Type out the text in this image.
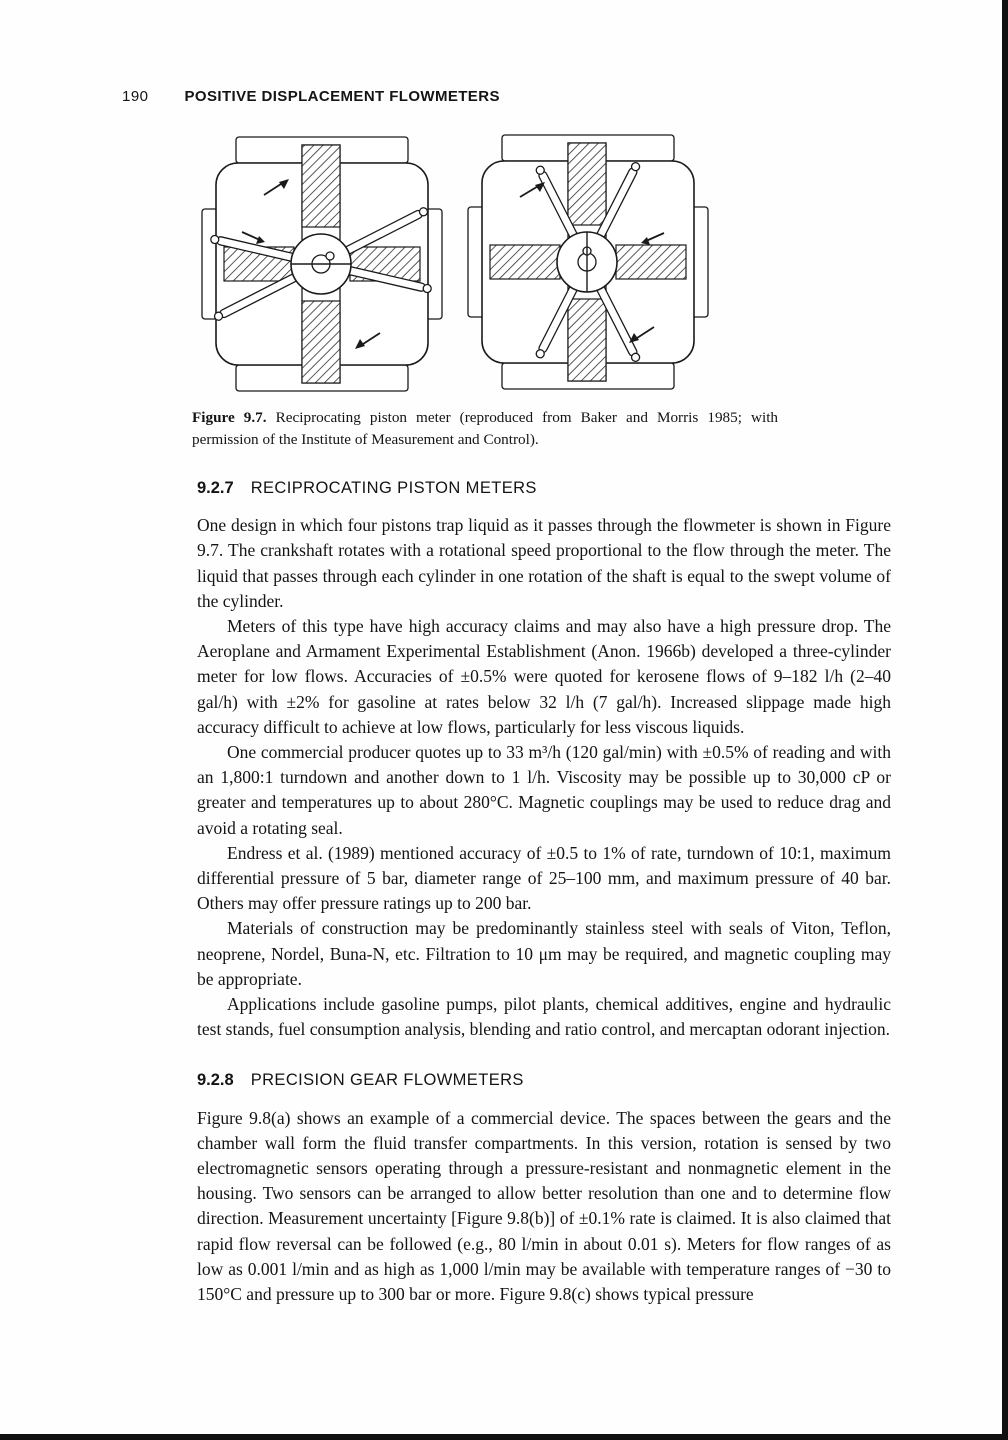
190 POSITIVE DISPLACEMENT FLOWMETERS
Figure 9.7. Reciprocating piston meter (reproduced from Baker and Morris 1985; with permission of the Institute of Measurement and Control).
9.2.7 RECIPROCATING PISTON METERS

One design in which four pistons trap liquid as it passes through the flowmeter is shown in Figure 9.7. The crankshaft rotates with a rotational speed proportional to the flow through the meter. The liquid that passes through each cylinder in one rotation of the shaft is equal to the swept volume of the cylinder.

Meters of this type have high accuracy claims and may also have a high pressure drop. The Aeroplane and Armament Experimental Establishment (Anon. 1966b) developed a three-cylinder meter for low flows. Accuracies of ±0.5% were quoted for kerosene flows of 9–182 l/h (2–40 gal/h) with ±2% for gasoline at rates below 32 l/h (7 gal/h). Increased slippage made high accuracy difficult to achieve at low flows, particularly for less viscous liquids.

One commercial producer quotes up to 33 m³/h (120 gal/min) with ±0.5% of reading and with an 1,800:1 turndown and another down to 1 l/h. Viscosity may be possible up to 30,000 cP or greater and temperatures up to about 280°C. Magnetic couplings may be used to reduce drag and avoid a rotating seal.

Endress et al. (1989) mentioned accuracy of ±0.5 to 1% of rate, turndown of 10:1, maximum differential pressure of 5 bar, diameter range of 25–100 mm, and maximum pressure of 40 bar. Others may offer pressure ratings up to 200 bar.

Materials of construction may be predominantly stainless steel with seals of Viton, Teflon, neoprene, Nordel, Buna-N, etc. Filtration to 10 μm may be required, and magnetic coupling may be appropriate.

Applications include gasoline pumps, pilot plants, chemical additives, engine and hydraulic test stands, fuel consumption analysis, blending and ratio control, and mercaptan odorant injection.

9.2.8 PRECISION GEAR FLOWMETERS

Figure 9.8(a) shows an example of a commercial device. The spaces between the gears and the chamber wall form the fluid transfer compartments. In this version, rotation is sensed by two electromagnetic sensors operating through a pressure-resistant and nonmagnetic element in the housing. Two sensors can be arranged to allow better resolution than one and to determine flow direction. Measurement uncertainty [Figure 9.8(b)] of ±0.1% rate is claimed. It is also claimed that rapid flow reversal can be followed (e.g., 80 l/min in about 0.01 s). Meters for flow ranges of as low as 0.001 l/min and as high as 1,000 l/min may be available with temperature ranges of −30 to 150°C and pressure up to 300 bar or more. Figure 9.8(c) shows typical pressure
